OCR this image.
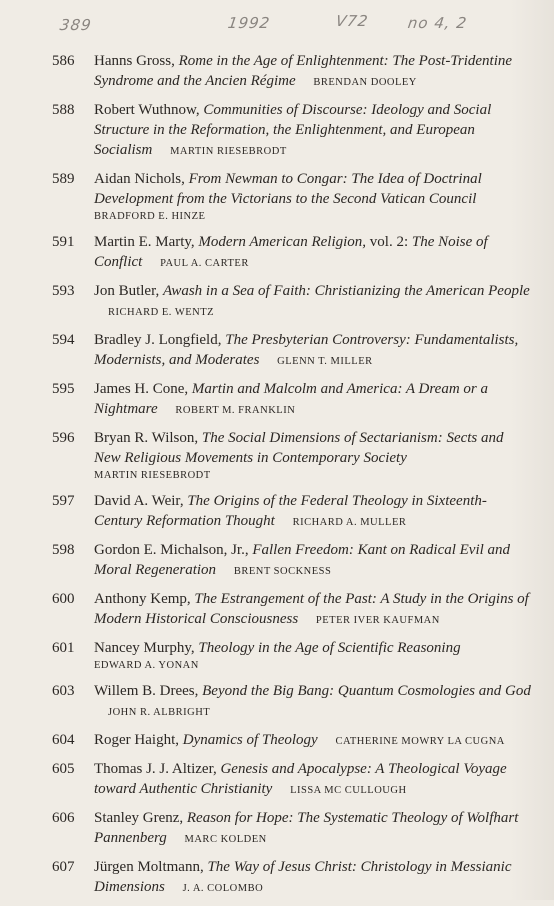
389	1992	V72 no 4, 2
586	Hanns Gross, Rome in the Age of Enlightenment: The Post-Tridentine Syndrome and the Ancien Régime BRENDAN DOOLEY
588	Robert Wuthnow, Communities of Discourse: Ideology and Social Structure in the Reformation, the Enlightenment, and European Socialism MARTIN RIESEBRODT
589	Aidan Nichols, From Newman to Congar: The Idea of Doctrinal Development from the Victorians to the Second Vatican Council
BRADFORD E. HINZE
591	Martin E. Marty, Modern American Religion, vol. 2: The Noise of Conflict PAUL A. CARTER
593	Jon Butler, Awash in a Sea of Faith: Christianizing the American People RICHARD E. WENTZ
594	Bradley J. Longfield, The Presbyterian Controversy: Fundamentalists, Modernists, and Moderates GLENN T. MILLER
595	James H. Cone, Martin and Malcolm and America: A Dream or a Nightmare ROBERT M. FRANKLIN
596	Bryan R. Wilson, The Social Dimensions of Sectarianism: Sects and New Religious Movements in Contemporary Society
MARTIN RIESEBRODT
597	David A. Weir, The Origins of the Federal Theology in Sixteenth-Century Reformation Thought RICHARD A. MULLER
598	Gordon E. Michalson, Jr., Fallen Freedom: Kant on Radical Evil and Moral Regeneration BRENT SOCKNESS
600	Anthony Kemp, The Estrangement of the Past: A Study in the Origins of Modern Historical Consciousness PETER IVER KAUFMAN
601	Nancey Murphy, Theology in the Age of Scientific Reasoning
EDWARD A. YONAN
603	Willem B. Drees, Beyond the Big Bang: Quantum Cosmologies and God JOHN R. ALBRIGHT
604	Roger Haight, Dynamics of Theology CATHERINE MOWRY LA CUGNA
605	Thomas J. J. Altizer, Genesis and Apocalypse: A Theological Voyage toward Authentic Christianity LISSA MC CULLOUGH
606	Stanley Grenz, Reason for Hope: The Systematic Theology of Wolfhart Pannenberg MARC KOLDEN
607	Jürgen Moltmann, The Way of Jesus Christ: Christology in Messianic Dimensions J. A. COLOMBO
